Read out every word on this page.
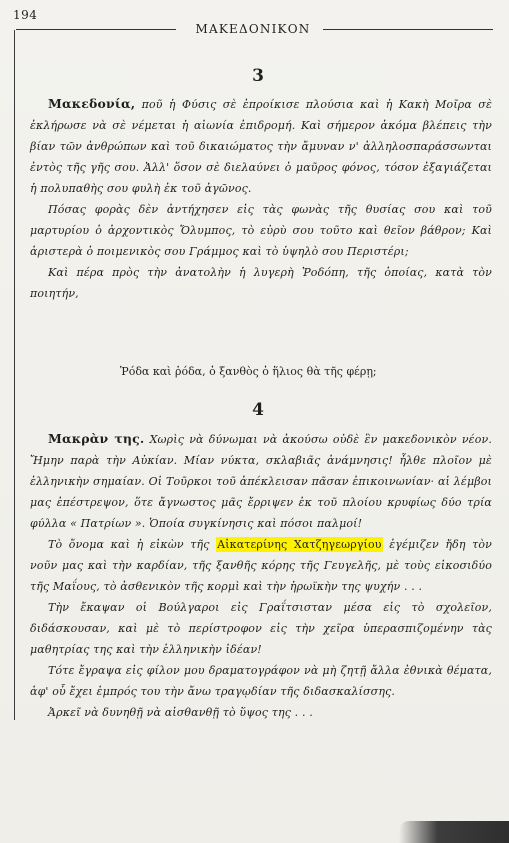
194
ΜΑΚΕΔΟΝΙΚΟΝ
3

Μακεδονία, ποῦ ἡ Φύσις σὲ ἐπροίκισε πλούσια καὶ ἡ Κακὴ Μοῖρα σὲ ἐκλήρωσε νὰ σὲ νέμεται ἡ αἰωνία ἐπιδρομή. Καὶ σήμερον ἀκόμα βλέπεις τὴν βίαν τῶν ἀνθρώπων καὶ τοῦ δικαιώματος τὴν ἄμυναν ν' ἀλληλοσπαράσσωνται ἐντὸς τῆς γῆς σου. Ἀλλ' ὅσον σὲ διελαύνει ὁ μαῦρος φόνος, τόσον ἐξαγιάζεται ἡ πολυπαθὴς σου φυλὴ ἐκ τοῦ ἀγῶνος.

Πόσας φορὰς δὲν ἀντήχησεν εἰς τὰς φωνὰς τῆς θυσίας σου καὶ τοῦ μαρτυρίου ὁ ἀρχοντικὸς Ὄλυμπος, τὸ εὐρὺ σου τοῦτο καὶ θεῖον βάθρον; Καὶ ἀριστερὰ ὁ ποιμενικὸς σου Γράμμος καὶ τὸ ὑψηλὸ σου Περιστέρι;

Καὶ πέρα πρὸς τὴν ἀνατολὴν ἡ λυγερὴ Ῥοδόπη, τῆς ὁποίας, κατὰ τὸν ποιητήν,

Ῥόδα καὶ ῥόδα, ὁ ξανθὸς ὁ ἥλιος θὰ τῆς φέρῃ;
4

Μακρὰν της. Χωρὶς νὰ δύνωμαι νὰ ἀκούσω οὐδὲ ἓν μακεδονικὸν νέον. Ἤμην παρὰ τὴν Αὐκίαν. Μίαν νύκτα, σκλαβιᾶς ἀνάμνησις! ἦλθε πλοῖον μὲ ἑλληνικὴν σημαίαν. Οἱ Τοῦρκοι τοῦ ἀπέκλεισαν πᾶσαν ἐπικοινωνίαν· αἱ λέμβοι μας ἐπέστρεψον, ὅτε ἄγνωστος μᾶς ἔρριψεν ἐκ τοῦ πλοίου κρυφίως δύο τρία φύλλα « Πατρίων ». Ὁποία συγκίνησις καὶ πόσοι παλμοί!

Τὸ ὄνομα καὶ ἡ εἰκὼν τῆς Αἰκατερίνης Χατζηγεωργίου ἐγέμιζεν ἤδη τὸν νοῦν μας καὶ τὴν καρδίαν, τῆς ξανθῆς κόρης τῆς Γευγελῆς, μὲ τοὺς εἰκοσιδύο τῆς Μαΐους, τὸ ἀσθενικὸν τῆς κορμὶ καὶ τὴν ἡρωϊκὴν της ψυχήν . . .

Τὴν ἔκαψαν οἱ Βούλγαροι εἰς Γραΐτσισταν μέσα εἰς τὸ σχολεῖον, διδάσκουσαν, καὶ μὲ τὸ περίστροφον εἰς τὴν χεῖρα ὑπερασπιζομένην τὰς μαθητρίας της καὶ τὴν ἑλληνικὴν ἰδέαν!

Τότε ἔγραψα εἰς φίλον μου δραματογράφον νὰ μὴ ζητῇ ἄλλα ἐθνικὰ θέματα, ἀφ' οὗ ἔχει ἐμπρός του τὴν ἄνω τραγῳδίαν τῆς διδασκαλίσσης.

Ἀρκεῖ νὰ δυνηθῇ νὰ αἰσθανθῇ τὸ ὕψος της . . .
